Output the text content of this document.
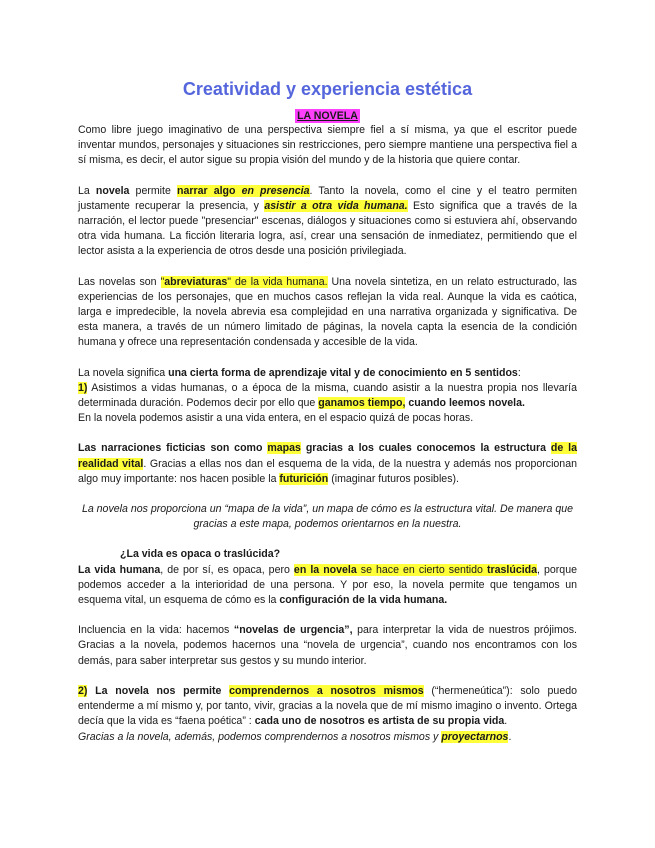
Creatividad y experiencia estética
LA NOVELA

Como libre juego imaginativo de una perspectiva siempre fiel a sí misma, ya que el escritor puede inventar mundos, personajes y situaciones sin restricciones, pero siempre mantiene una perspectiva fiel a sí misma, es decir, el autor sigue su propia visión del mundo y de la historia que quiere contar.

La novela permite narrar algo en presencia. Tanto la novela, como el cine y el teatro permiten justamente recuperar la presencia, y asistir a otra vida humana. Esto significa que a través de la narración, el lector puede "presenciar" escenas, diálogos y situaciones como si estuviera ahí, observando otra vida humana. La ficción literaria logra, así, crear una sensación de inmediatez, permitiendo que el lector asista a la experiencia de otros desde una posición privilegiada.

Las novelas son "abreviaturas" de la vida humana. Una novela sintetiza, en un relato estructurado, las experiencias de los personajes, que en muchos casos reflejan la vida real. Aunque la vida es caótica, larga e impredecible, la novela abrevia esa complejidad en una narrativa organizada y significativa. De esta manera, a través de un número limitado de páginas, la novela capta la esencia de la condición humana y ofrece una representación condensada y accesible de la vida.

La novela significa una cierta forma de aprendizaje vital y de conocimiento en 5 sentidos:
1) Asistimos a vidas humanas, o a época de la misma, cuando asistir a la nuestra propia nos llevaría determinada duración. Podemos decir por ello que ganamos tiempo, cuando leemos novela.
En la novela podemos asistir a una vida entera, en el espacio quizá de pocas horas.

Las narraciones ficticias son como mapas gracias a los cuales conocemos la estructura de la realidad vital. Gracias a ellas nos dan el esquema de la vida, de la nuestra y además nos proporcionan algo muy importante: nos hacen posible la futurición (imaginar futuros posibles).

La novela nos proporciona un “mapa de la vida”, un mapa de cómo es la estructura vital. De manera que gracias a este mapa, podemos orientarnos en la nuestra.

¿La vida es opaca o traslúcida?
La vida humana, de por sí, es opaca, pero en la novela se hace en cierto sentido traslúcida, porque podemos acceder a la interioridad de una persona. Y por eso, la novela permite que tengamos un esquema vital, un esquema de cómo es la configuración de la vida humana.

Incluencia en la vida: hacemos “novelas de urgencia”, para interpretar la vida de nuestros prójimos. Gracias a la novela, podemos hacernos una “novela de urgencia”, cuando nos encontramos con los demás, para saber interpretar sus gestos y su mundo interior.

2) La novela nos permite comprendernos a nosotros mismos (“hermeneútica”): solo puedo entenderme a mí mismo y, por tanto, vivir, gracias a la novela que de mí mismo imagino o invento. Ortega decía que la vida es “faena poética” : cada uno de nosotros es artista de su propia vida.
Gracias a la novela, además, podemos comprendernos a nosotros mismos y proyectarnos.
